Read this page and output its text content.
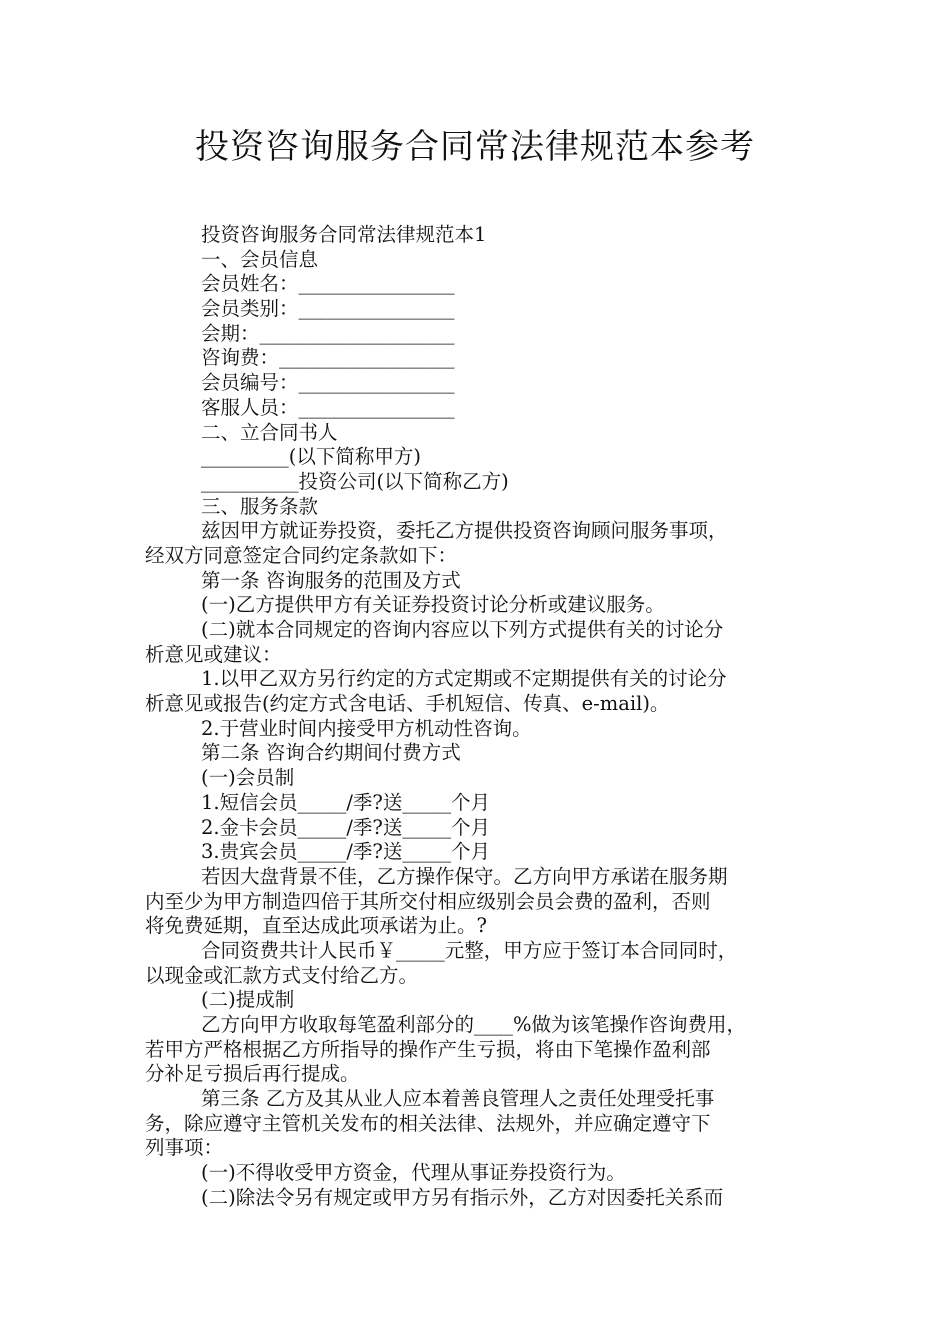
投资咨询服务合同常法律规范本参考
投资咨询服务合同常法律规范本1
一、会员信息
会员姓名：________________
会员类别：________________
会期：____________________
咨询费：__________________
会员编号：________________
客服人员：________________
二、立合同书人
_________(以下简称甲方)
__________投资公司(以下简称乙方)
三、服务条款
兹因甲方就证券投资，委托乙方提供投资咨询顾问服务事项，
经双方同意签定合同约定条款如下：
第一条 咨询服务的范围及方式
(一)乙方提供甲方有关证券投资讨论分析或建议服务。
(二)就本合同规定的咨询内容应以下列方式提供有关的讨论分
析意见或建议：
1.以甲乙双方另行约定的方式定期或不定期提供有关的讨论分
析意见或报告(约定方式含电话、手机短信、传真、e-mail)。
2.于营业时间内接受甲方机动性咨询。
第二条 咨询合约期间付费方式
(一)会员制
1.短信会员_____/季?送_____个月
2.金卡会员_____/季?送_____个月
3.贵宾会员_____/季?送_____个月
若因大盘背景不佳，乙方操作保守。乙方向甲方承诺在服务期
内至少为甲方制造四倍于其所交付相应级别会员会费的盈利，否则
将免费延期，直至达成此项承诺为止。?
合同资费共计人民币￥_____元整，甲方应于签订本合同同时，
以现金或汇款方式支付给乙方。
(二)提成制
乙方向甲方收取每笔盈利部分的____%做为该笔操作咨询费用，
若甲方严格根据乙方所指导的操作产生亏损，将由下笔操作盈利部
分补足亏损后再行提成。
第三条 乙方及其从业人应本着善良管理人之责任处理受托事
务，除应遵守主管机关发布的相关法律、法规外，并应确定遵守下
列事项：
(一)不得收受甲方资金，代理从事证券投资行为。
(二)除法令另有规定或甲方另有指示外，乙方对因委托关系而
